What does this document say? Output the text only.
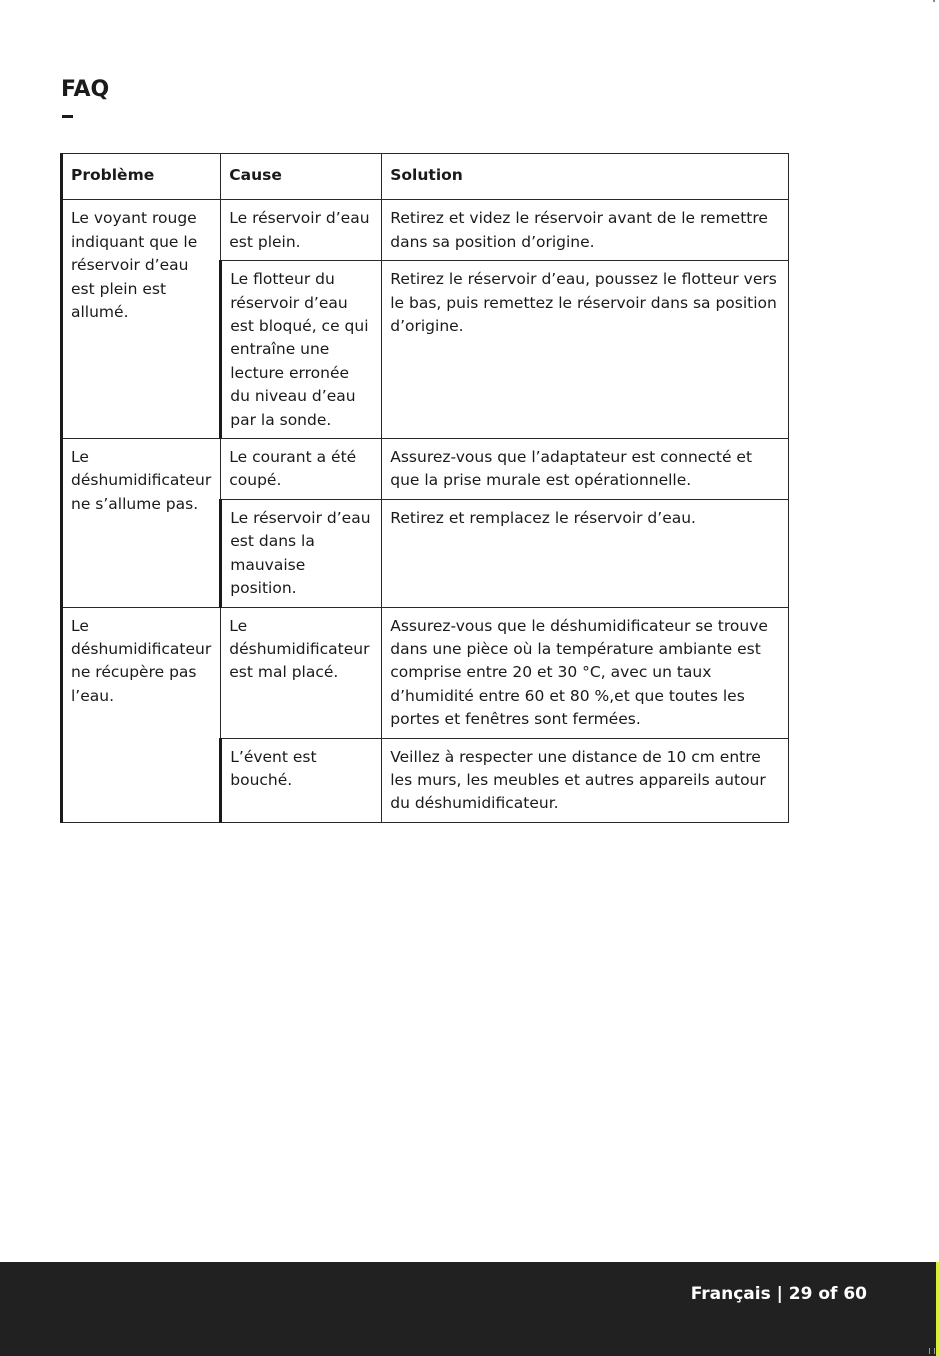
FAQ
Problème	Cause	Solution
Le voyant rouge indiquant que le réservoir d’eau est plein est allumé.	Le réservoir d’eau est plein.	Retirez et videz le réservoir avant de le remettre dans sa position d’origine.
	Le flotteur du réservoir d’eau est bloqué, ce qui entraîne une lecture erronée du niveau d’eau par la sonde.	Retirez le réservoir d’eau, poussez le flotteur vers le bas, puis remettez le réservoir dans sa position d’origine.
Le déshumidificateur ne s’allume pas.	Le courant a été coupé.	Assurez-vous que l’adaptateur est connecté et que la prise murale est opérationnelle.
	Le réservoir d’eau est dans la mauvaise position.	Retirez et remplacez le réservoir d’eau.
Le déshumidificateur ne récupère pas l’eau.	Le déshumidificateur est mal placé.	Assurez-vous que le déshumidificateur se trouve dans une pièce où la température ambiante est comprise entre 20 et 30 °C, avec un taux d’humidité entre 60 et 80 %,et que toutes les portes et fenêtres sont fermées.
	L’évent est bouché.	Veillez à respecter une distance de 10 cm entre les murs, les meubles et autres appareils autour du déshumidificateur.
Français | 29 of 60
